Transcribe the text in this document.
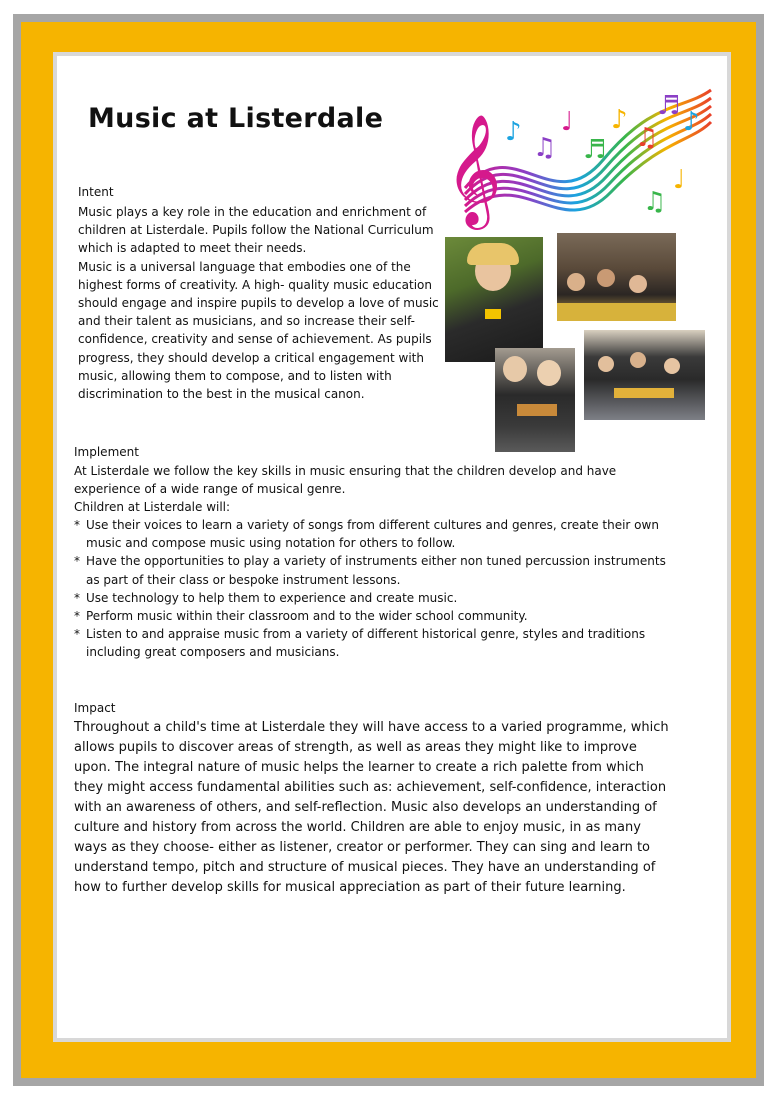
Music at Listerdale 𝄞 ♪
♫
♩
♬
♪
♫
♬
♪
♫
♩

Intent

Music plays a key role in the education and enrichment of children at Listerdale. Pupils follow the National Curriculum which is adapted to meet their needs.

Music is a universal language that embodies one of the highest forms of creativity. A high- quality music education should engage and inspire pupils to develop a love of music and their talent as musicians, and so increase their self-confidence, creativity and sense of achievement. As pupils progress, they should develop a critical engagement with music, allowing them to compose, and to listen with discrimination to the best in the musical canon.

Implement

At Listerdale we follow the key skills in music ensuring that the children develop and have experience of a wide range of musical genre.

Children at Listerdale will:

* Use their voices to learn a variety of songs from different cultures and genres, create their own music and compose music using notation for others to follow.
* Have the opportunities to play a variety of instruments either non tuned percussion instruments as part of their class or bespoke instrument lessons.
* Use technology to help them to experience and create music.
* Perform music within their classroom and to the wider school community.
* Listen to and appraise music from a variety of different historical genre, styles and traditions including great composers and musicians.

Impact

Throughout a child's time at Listerdale they will have access to a varied programme, which allows pupils to discover areas of strength, as well as areas they might like to improve upon. The integral nature of music helps the learner to create a rich palette from which they might access fundamental abilities such as: achievement, self-confidence, interaction with an awareness of others, and self-reflection. Music also develops an understanding of culture and history from across the world. Children are able to enjoy music, in as many ways as they choose- either as listener, creator or performer. They can sing and learn to understand tempo, pitch and structure of musical pieces. They have an understanding of how to further develop skills for musical appreciation as part of their future learning.
